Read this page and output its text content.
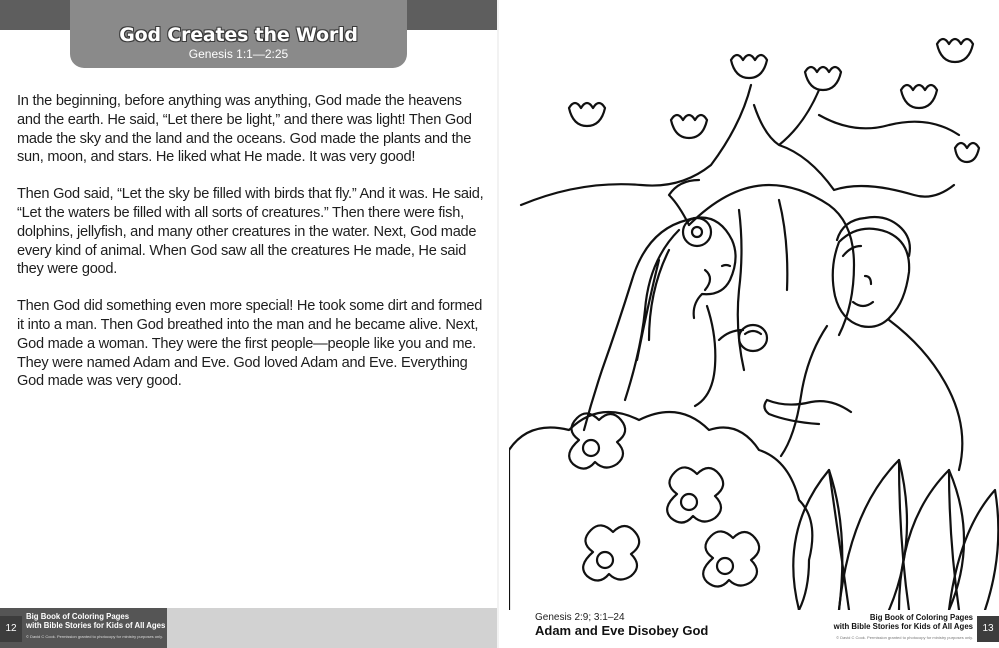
God Creates the World
Genesis 1:1—2:25

In the beginning, before anything was anything, God made the heavens and the earth. He said, “Let there be light,” and there was light! Then God made the sky and the land and the oceans. God made the plants and the sun, moon, and stars. He liked what He made. It was very good!

Then God said, “Let the sky be filled with birds that fly.” And it was. He said, “Let the waters be filled with all sorts of creatures.” Then there were fish, dolphins, jellyfish, and many other creatures in the water. Next, God made every kind of animal. When God saw all the creatures He made, He said they were good.

Then God did something even more special! He took some dirt and formed it into a man. Then God breathed into the man and he became alive. Next, God made a woman. They were the first people—people like you and me. They were named Adam and Eve. God loved Adam and Eve. Everything God made was very good.

12
Big Book of Coloring Pages
with Bible Stories for Kids of All Ages
© David C Cook. Permission granted to photocopy for ministry purposes only.
Genesis 2:9; 3:1–24
Adam and Eve Disobey God
Big Book of Coloring Pages
with Bible Stories for Kids of All Ages
© David C Cook. Permission granted to photocopy for ministry purposes only.
13
